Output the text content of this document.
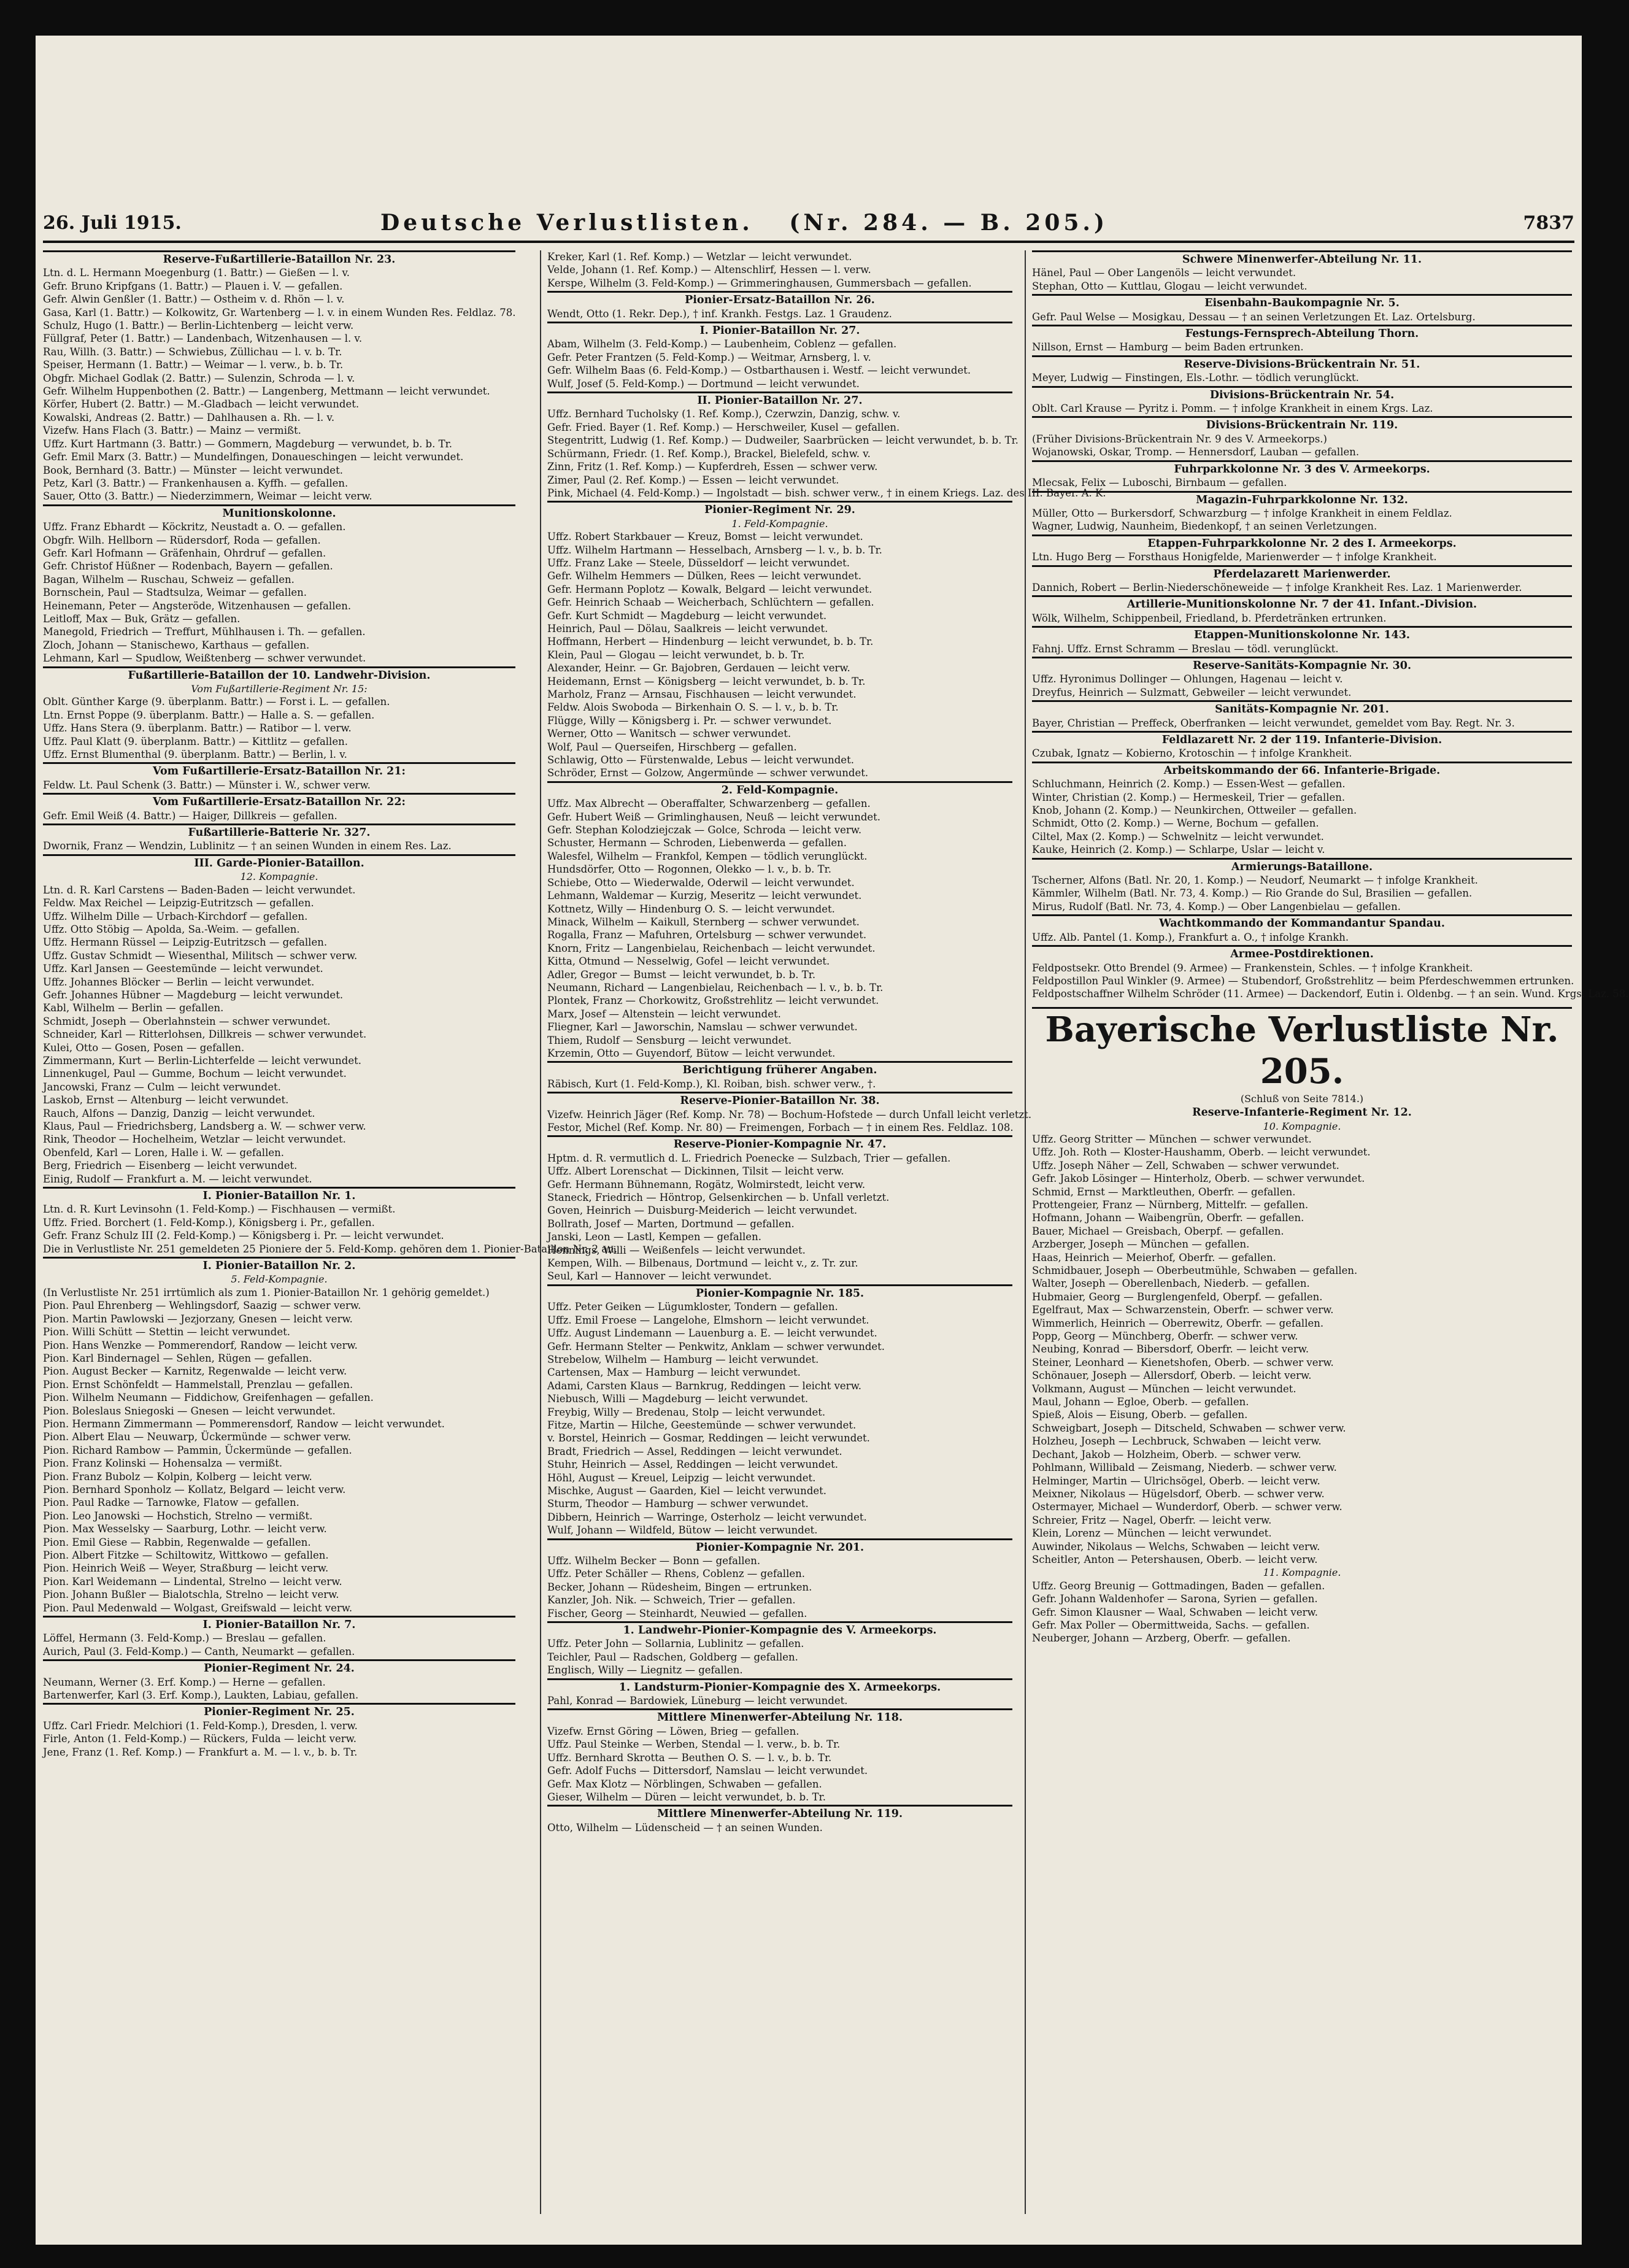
26. Juli 1915.	Deutsche Verlustlisten. (Nr. 284. — B. 205.)	7837
Reserve-Fußartillerie-Bataillon Nr. 23.
Ltn. d. L. Hermann Moegenburg (1. Battr.) — Gießen — l. v.
Gefr. Bruno Kripfgans (1. Battr.) — Plauen i. V. — gefallen.
Gefr. Alwin Genßler (1. Battr.) — Ostheim v. d. Rhön — l. v.
Gasa, Karl (1. Battr.) — Kolkowitz, Gr. Wartenberg — l. v. in einem Wunden Res. Feldlaz. 78.
Schulz, Hugo (1. Battr.) — Berlin-Lichtenberg — leicht verw.
Füllgraf, Peter (1. Battr.) — Landenbach, Witzenhausen — l. v.
Rau, Willh. (3. Battr.) — Schwiebus, Züllichau — l. v. b. Tr.
Speiser, Hermann (1. Battr.) — Weimar — l. verw., b. b. Tr.
Obgfr. Michael Godlak (2. Battr.) — Sulenzin, Schroda — l. v.
Gefr. Wilhelm Huppenbothen (2. Battr.) — Langenberg, Mettmann — leicht verwundet.
Körfer, Hubert (2. Battr.) — M.-Gladbach — leicht verwundet.
Kowalski, Andreas (2. Battr.) — Dahlhausen a. Rh. — l. v.
Vizefw. Hans Flach (3. Battr.) — Mainz — vermißt.
Uffz. Kurt Hartmann (3. Battr.) — Gommern, Magdeburg — verwundet, b. b. Tr.
Gefr. Emil Marx (3. Battr.) — Mundelfingen, Donaueschingen — leicht verwundet.
Book, Bernhard (3. Battr.) — Münster — leicht verwundet.
Petz, Karl (3. Battr.) — Frankenhausen a. Kyffh. — gefallen.
Sauer, Otto (3. Battr.) — Niederzimmern, Weimar — leicht verw.
Munitionskolonne.
Uffz. Franz Ebhardt — Köckritz, Neustadt a. O. — gefallen.
Obgfr. Wilh. Hellborn — Rüdersdorf, Roda — gefallen.
Gefr. Karl Hofmann — Gräfenhain, Ohrdruf — gefallen.
Gefr. Christof Hüßner — Rodenbach, Bayern — gefallen.
Bagan, Wilhelm — Ruschau, Schweiz — gefallen.
Bornschein, Paul — Stadtsulza, Weimar — gefallen.
Heinemann, Peter — Angsteröde, Witzenhausen — gefallen.
Leitloff, Max — Buk, Grätz — gefallen.
Manegold, Friedrich — Treffurt, Mühlhausen i. Th. — gefallen.
Zloch, Johann — Stanischewo, Karthaus — gefallen.
Lehmann, Karl — Spudlow, Weißtenberg — schwer verwundet.
Fußartillerie-Bataillon der 10. Landwehr-Division.
Vom Fußartillerie-Regiment Nr. 15:
Oblt. Günther Karge (9. überplanm. Battr.) — Forst i. L. — gefallen.
Ltn. Ernst Poppe (9. überplanm. Battr.) — Halle a. S. — gefallen.
Uffz. Hans Stera (9. überplanm. Battr.) — Ratibor — l. verw.
Uffz. Paul Klatt (9. überplanm. Battr.) — Kittlitz — gefallen.
Uffz. Ernst Blumenthal (9. überplanm. Battr.) — Berlin, l. v.
Vom Fußartillerie-Ersatz-Bataillon Nr. 21:
Feldw. Lt. Paul Schenk (3. Battr.) — Münster i. W., schwer verw.
Vom Fußartillerie-Ersatz-Bataillon Nr. 22:
Gefr. Emil Weiß (4. Battr.) — Haiger, Dillkreis — gefallen.
Fußartillerie-Batterie Nr. 327.
Dwornik, Franz — Wendzin, Lublinitz — † an seinen Wunden in einem Res. Laz.
III. Garde-Pionier-Bataillon.
12. Kompagnie.
Ltn. d. R. Karl Carstens — Baden-Baden — leicht verwundet.
Feldw. Max Reichel — Leipzig-Eutritzsch — gefallen.
Uffz. Wilhelm Dille — Urbach-Kirchdorf — gefallen.
Uffz. Otto Stöbig — Apolda, Sa.-Weim. — gefallen.
Uffz. Hermann Rüssel — Leipzig-Eutritzsch — gefallen.
Uffz. Gustav Schmidt — Wiesenthal, Militsch — schwer verw.
Uffz. Karl Jansen — Geestemünde — leicht verwundet.
Uffz. Johannes Blöcker — Berlin — leicht verwundet.
Gefr. Johannes Hübner — Magdeburg — leicht verwundet.
Kabl, Wilhelm — Berlin — gefallen.
Schmidt, Joseph — Oberlahnstein — schwer verwundet.
Schneider, Karl — Ritterlohsen, Dillkreis — schwer verwundet.
Kulei, Otto — Gosen, Posen — gefallen.
Zimmermann, Kurt — Berlin-Lichterfelde — leicht verwundet.
Linnenkugel, Paul — Gumme, Bochum — leicht verwundet.
Jancowski, Franz — Culm — leicht verwundet.
Laskob, Ernst — Altenburg — leicht verwundet.
Rauch, Alfons — Danzig, Danzig — leicht verwundet.
Klaus, Paul — Friedrichsberg, Landsberg a. W. — schwer verw.
Rink, Theodor — Hochelheim, Wetzlar — leicht verwundet.
Obenfeld, Karl — Loren, Halle i. W. — gefallen.
Berg, Friedrich — Eisenberg — leicht verwundet.
Einig, Rudolf — Frankfurt a. M. — leicht verwundet.
I. Pionier-Bataillon Nr. 1.
Ltn. d. R. Kurt Levinsohn (1. Feld-Komp.) — Fischhausen — vermißt.
Uffz. Fried. Borchert (1. Feld-Komp.), Königsberg i. Pr., gefallen.
Gefr. Franz Schulz III (2. Feld-Komp.) — Königsberg i. Pr. — leicht verwundet.
Die in Verlustliste Nr. 251 gemeldeten 25 Pioniere der 5. Feld-Komp. gehören dem 1. Pionier-Bataillon Nr. 2 an.
I. Pionier-Bataillon Nr. 2.
5. Feld-Kompagnie.
(In Verlustliste Nr. 251 irrtümlich als zum 1. Pionier-Bataillon Nr. 1 gehörig gemeldet.)
Pion. Paul Ehrenberg — Wehlingsdorf, Saazig — schwer verw.
Pion. Martin Pawlowski — Jezjorzany, Gnesen — leicht verw.
Pion. Willi Schütt — Stettin — leicht verwundet.
Pion. Hans Wenzke — Pommerendorf, Randow — leicht verw.
Pion. Karl Bindernagel — Sehlen, Rügen — gefallen.
Pion. August Becker — Karnitz, Regenwalde — leicht verw.
Pion. Ernst Schönfeldt — Hammelstall, Prenzlau — gefallen.
Pion. Wilhelm Neumann — Fiddichow, Greifenhagen — gefallen.
Pion. Boleslaus Sniegoski — Gnesen — leicht verwundet.
Pion. Hermann Zimmermann — Pommerensdorf, Randow — leicht verwundet.
Pion. Albert Elau — Neuwarp, Ückermünde — schwer verw.
Pion. Richard Rambow — Pammin, Ückermünde — gefallen.
Pion. Franz Kolinski — Hohensalza — vermißt.
Pion. Franz Bubolz — Kolpin, Kolberg — leicht verw.
Pion. Bernhard Sponholz — Kollatz, Belgard — leicht verw.
Pion. Paul Radke — Tarnowke, Flatow — gefallen.
Pion. Leo Janowski — Hochstich, Strelno — vermißt.
Pion. Max Wesselsky — Saarburg, Lothr. — leicht verw.
Pion. Emil Giese — Rabbin, Regenwalde — gefallen.
Pion. Albert Fitzke — Schiltowitz, Wittkowo — gefallen.
Pion. Heinrich Weiß — Weyer, Straßburg — leicht verw.
Pion. Karl Weidemann — Lindental, Strelno — leicht verw.
Pion. Johann Bußler — Bialotschla, Strelno — leicht verw.
Pion. Paul Medenwald — Wolgast, Greifswald — leicht verw.
I. Pionier-Bataillon Nr. 7.
Löffel, Hermann (3. Feld-Komp.) — Breslau — gefallen.
Aurich, Paul (3. Feld-Komp.) — Canth, Neumarkt — gefallen.
Pionier-Regiment Nr. 24.
Neumann, Werner (3. Erf. Komp.) — Herne — gefallen.
Bartenwerfer, Karl (3. Erf. Komp.), Laukten, Labiau, gefallen.
Pionier-Regiment Nr. 25.
Uffz. Carl Friedr. Melchiori (1. Feld-Komp.), Dresden, l. verw.
Firle, Anton (1. Feld-Komp.) — Rückers, Fulda — leicht verw.
Jene, Franz (1. Ref. Komp.) — Frankfurt a. M. — l. v., b. b. Tr.
Kreker, Karl (1. Ref. Komp.) — Wetzlar — leicht verwundet.
Velde, Johann (1. Ref. Komp.) — Altenschlirf, Hessen — l. verw.
Kerspe, Wilhelm (3. Feld-Komp.) — Grimmeringhausen, Gummersbach — gefallen.
Pionier-Ersatz-Bataillon Nr. 26.
Wendt, Otto (1. Rekr. Dep.), † inf. Krankh. Festgs. Laz. 1 Graudenz.
I. Pionier-Bataillon Nr. 27.
Abam, Wilhelm (3. Feld-Komp.) — Laubenheim, Coblenz — gefallen.
Gefr. Peter Frantzen (5. Feld-Komp.) — Weitmar, Arnsberg, l. v.
Gefr. Wilhelm Baas (6. Feld-Komp.) — Ostbarthausen i. Westf. — leicht verwundet.
Wulf, Josef (5. Feld-Komp.) — Dortmund — leicht verwundet.
II. Pionier-Bataillon Nr. 27.
Uffz. Bernhard Tucholsky (1. Ref. Komp.), Czerwzin, Danzig, schw. v.
Gefr. Fried. Bayer (1. Ref. Komp.) — Herschweiler, Kusel — gefallen.
Stegentritt, Ludwig (1. Ref. Komp.) — Dudweiler, Saarbrücken — leicht verwundet, b. b. Tr.
Schürmann, Friedr. (1. Ref. Komp.), Brackel, Bielefeld, schw. v.
Zinn, Fritz (1. Ref. Komp.) — Kupferdreh, Essen — schwer verw.
Zimer, Paul (2. Ref. Komp.) — Essen — leicht verwundet.
Pink, Michael (4. Feld-Komp.) — Ingolstadt — bish. schwer verw., † in einem Kriegs. Laz. des III. Bayer. A. K.
Pionier-Regiment Nr. 29.
1. Feld-Kompagnie.
Uffz. Robert Starkbauer — Kreuz, Bomst — leicht verwundet.
Uffz. Wilhelm Hartmann — Hesselbach, Arnsberg — l. v., b. b. Tr.
Uffz. Franz Lake — Steele, Düsseldorf — leicht verwundet.
Gefr. Wilhelm Hemmers — Dülken, Rees — leicht verwundet.
Gefr. Hermann Poplotz — Kowalk, Belgard — leicht verwundet.
Gefr. Heinrich Schaab — Weicherbach, Schlüchtern — gefallen.
Gefr. Kurt Schmidt — Magdeburg — leicht verwundet.
Heinrich, Paul — Dölau, Saalkreis — leicht verwundet.
Hoffmann, Herbert — Hindenburg — leicht verwundet, b. b. Tr.
Klein, Paul — Glogau — leicht verwundet, b. b. Tr.
Alexander, Heinr. — Gr. Bajobren, Gerdauen — leicht verw.
Heidemann, Ernst — Königsberg — leicht verwundet, b. b. Tr.
Marholz, Franz — Arnsau, Fischhausen — leicht verwundet.
Feldw. Alois Swoboda — Birkenhain O. S. — l. v., b. b. Tr.
Flügge, Willy — Königsberg i. Pr. — schwer verwundet.
Werner, Otto — Wanitsch — schwer verwundet.
Wolf, Paul — Querseifen, Hirschberg — gefallen.
Schlawig, Otto — Fürstenwalde, Lebus — leicht verwundet.
Schröder, Ernst — Golzow, Angermünde — schwer verwundet.
2. Feld-Kompagnie.
Uffz. Max Albrecht — Oberaffalter, Schwarzenberg — gefallen.
Gefr. Hubert Weiß — Grimlinghausen, Neuß — leicht verwundet.
Gefr. Stephan Kolodziejczak — Golce, Schroda — leicht verw.
Schuster, Hermann — Schroden, Liebenwerda — gefallen.
Walesfel, Wilhelm — Frankfol, Kempen — tödlich verunglückt.
Hundsdörfer, Otto — Rogonnen, Olekko — l. v., b. b. Tr.
Schiebe, Otto — Wiederwalde, Oderwil — leicht verwundet.
Lehmann, Waldemar — Kurzig, Meseritz — leicht verwundet.
Kottnetz, Willy — Hindenburg O. S. — leicht verwundet.
Minack, Wilhelm — Kaikull, Sternberg — schwer verwundet.
Rogalla, Franz — Mafuhren, Ortelsburg — schwer verwundet.
Knorn, Fritz — Langenbielau, Reichenbach — leicht verwundet.
Kitta, Otmund — Nesselwig, Gofel — leicht verwundet.
Adler, Gregor — Bumst — leicht verwundet, b. b. Tr.
Neumann, Richard — Langenbielau, Reichenbach — l. v., b. b. Tr.
Plontek, Franz — Chorkowitz, Großstrehlitz — leicht verwundet.
Marx, Josef — Altenstein — leicht verwundet.
Fliegner, Karl — Jaworschin, Namslau — schwer verwundet.
Thiem, Rudolf — Sensburg — leicht verwundet.
Krzemin, Otto — Guyendorf, Bütow — leicht verwundet.
Berichtigung früherer Angaben.
Räbisch, Kurt (1. Feld-Komp.), Kl. Roiban, bish. schwer verw., †.
Reserve-Pionier-Bataillon Nr. 38.
Vizefw. Heinrich Jäger (Ref. Komp. Nr. 78) — Bochum-Hofstede — durch Unfall leicht verletzt.
Festor, Michel (Ref. Komp. Nr. 80) — Freimengen, Forbach — † in einem Res. Feldlaz. 108.
Reserve-Pionier-Kompagnie Nr. 47.
Hptm. d. R. vermutlich d. L. Friedrich Poenecke — Sulzbach, Trier — gefallen.
Uffz. Albert Lorenschat — Dickinnen, Tilsit — leicht verw.
Gefr. Hermann Bühnemann, Rogätz, Wolmirstedt, leicht verw.
Staneck, Friedrich — Höntrop, Gelsenkirchen — b. Unfall verletzt.
Goven, Heinrich — Duisburg-Meiderich — leicht verwundet.
Bollrath, Josef — Marten, Dortmund — gefallen.
Janski, Leon — Lastl, Kempen — gefallen.
Hennings, Willi — Weißenfels — leicht verwundet.
Kempen, Wilh. — Bilbenaus, Dortmund — leicht v., z. Tr. zur.
Seul, Karl — Hannover — leicht verwundet.
Pionier-Kompagnie Nr. 185.
Uffz. Peter Geiken — Lügumkloster, Tondern — gefallen.
Uffz. Emil Froese — Langelohe, Elmshorn — leicht verwundet.
Uffz. August Lindemann — Lauenburg a. E. — leicht verwundet.
Gefr. Hermann Stelter — Penkwitz, Anklam — schwer verwundet.
Strebelow, Wilhelm — Hamburg — leicht verwundet.
Cartensen, Max — Hamburg — leicht verwundet.
Adami, Carsten Klaus — Barnkrug, Reddingen — leicht verw.
Niebusch, Willi — Magdeburg — leicht verwundet.
Freybig, Willy — Bredenau, Stolp — leicht verwundet.
Fitze, Martin — Hilche, Geestemünde — schwer verwundet.
v. Borstel, Heinrich — Gosmar, Reddingen — leicht verwundet.
Bradt, Friedrich — Assel, Reddingen — leicht verwundet.
Stuhr, Heinrich — Assel, Reddingen — leicht verwundet.
Höhl, August — Kreuel, Leipzig — leicht verwundet.
Mischke, August — Gaarden, Kiel — leicht verwundet.
Sturm, Theodor — Hamburg — schwer verwundet.
Dibbern, Heinrich — Warringe, Osterholz — leicht verwundet.
Wulf, Johann — Wildfeld, Bütow — leicht verwundet.
Pionier-Kompagnie Nr. 201.
Uffz. Wilhelm Becker — Bonn — gefallen.
Uffz. Peter Schäller — Rhens, Coblenz — gefallen.
Becker, Johann — Rüdesheim, Bingen — ertrunken.
Kanzler, Joh. Nik. — Schweich, Trier — gefallen.
Fischer, Georg — Steinhardt, Neuwied — gefallen.
1. Landwehr-Pionier-Kompagnie des V. Armeekorps.
Uffz. Peter John — Sollarnia, Lublinitz — gefallen.
Teichler, Paul — Radschen, Goldberg — gefallen.
Englisch, Willy — Liegnitz — gefallen.
1. Landsturm-Pionier-Kompagnie des X. Armeekorps.
Pahl, Konrad — Bardowiek, Lüneburg — leicht verwundet.
Mittlere Minenwerfer-Abteilung Nr. 118.
Vizefw. Ernst Göring — Löwen, Brieg — gefallen.
Uffz. Paul Steinke — Werben, Stendal — l. verw., b. b. Tr.
Uffz. Bernhard Skrotta — Beuthen O. S. — l. v., b. b. Tr.
Gefr. Adolf Fuchs — Dittersdorf, Namslau — leicht verwundet.
Gefr. Max Klotz — Nörblingen, Schwaben — gefallen.
Gieser, Wilhelm — Düren — leicht verwundet, b. b. Tr.
Mittlere Minenwerfer-Abteilung Nr. 119.
Otto, Wilhelm — Lüdenscheid — † an seinen Wunden.
Schwere Minenwerfer-Abteilung Nr. 11.
Hänel, Paul — Ober Langenöls — leicht verwundet.
Stephan, Otto — Kuttlau, Glogau — leicht verwundet.
Eisenbahn-Baukompagnie Nr. 5.
Gefr. Paul Welse — Mosigkau, Dessau — † an seinen Verletzungen Et. Laz. Ortelsburg.
Festungs-Fernsprech-Abteilung Thorn.
Nillson, Ernst — Hamburg — beim Baden ertrunken.
Reserve-Divisions-Brückentrain Nr. 51.
Meyer, Ludwig — Finstingen, Els.-Lothr. — tödlich verunglückt.
Divisions-Brückentrain Nr. 54.
Oblt. Carl Krause — Pyritz i. Pomm. — † infolge Krankheit in einem Krgs. Laz.
Divisions-Brückentrain Nr. 119.
(Früher Divisions-Brückentrain Nr. 9 des V. Armeekorps.)
Wojanowski, Oskar, Tromp. — Hennersdorf, Lauban — gefallen.
Fuhrparkkolonne Nr. 3 des V. Armeekorps.
Mlecsak, Felix — Luboschi, Birnbaum — gefallen.
Magazin-Fuhrparkkolonne Nr. 132.
Müller, Otto — Burkersdorf, Schwarzburg — † infolge Krankheit in einem Feldlaz.
Wagner, Ludwig, Naunheim, Biedenkopf, † an seinen Verletzungen.
Etappen-Fuhrparkkolonne Nr. 2 des I. Armeekorps.
Ltn. Hugo Berg — Forsthaus Honigfelde, Marienwerder — † infolge Krankheit.
Pferdelazarett Marienwerder.
Dannich, Robert — Berlin-Niederschöneweide — † infolge Krankheit Res. Laz. 1 Marienwerder.
Artillerie-Munitionskolonne Nr. 7 der 41. Infant.-Division.
Wölk, Wilhelm, Schippenbeil, Friedland, b. Pferdetränken ertrunken.
Etappen-Munitionskolonne Nr. 143.
Fahnj. Uffz. Ernst Schramm — Breslau — tödl. verunglückt.
Reserve-Sanitäts-Kompagnie Nr. 30.
Uffz. Hyronimus Dollinger — Ohlungen, Hagenau — leicht v.
Dreyfus, Heinrich — Sulzmatt, Gebweiler — leicht verwundet.
Sanitäts-Kompagnie Nr. 201.
Bayer, Christian — Preffeck, Oberfranken — leicht verwundet, gemeldet vom Bay. Regt. Nr. 3.
Feldlazarett Nr. 2 der 119. Infanterie-Division.
Czubak, Ignatz — Kobierno, Krotoschin — † infolge Krankheit.
Arbeitskommando der 66. Infanterie-Brigade.
Schluchmann, Heinrich (2. Komp.) — Essen-West — gefallen.
Winter, Christian (2. Komp.) — Hermeskeil, Trier — gefallen.
Knob, Johann (2. Komp.) — Neunkirchen, Ottweiler — gefallen.
Schmidt, Otto (2. Komp.) — Werne, Bochum — gefallen.
Ciltel, Max (2. Komp.) — Schwelnitz — leicht verwundet.
Kauke, Heinrich (2. Komp.) — Schlarpe, Uslar — leicht v.
Armierungs-Bataillone.
Tscherner, Alfons (Batl. Nr. 20, 1. Komp.) — Neudorf, Neumarkt — † infolge Krankheit.
Kämmler, Wilhelm (Batl. Nr. 73, 4. Komp.) — Rio Grande do Sul, Brasilien — gefallen.
Mirus, Rudolf (Batl. Nr. 73, 4. Komp.) — Ober Langenbielau — gefallen.
Wachtkommando der Kommandantur Spandau.
Uffz. Alb. Pantel (1. Komp.), Frankfurt a. O., † infolge Krankh.
Armee-Postdirektionen.
Feldpostsekr. Otto Brendel (9. Armee) — Frankenstein, Schles. — † infolge Krankheit.
Feldpostillon Paul Winkler (9. Armee) — Stubendorf, Großstrehlitz — beim Pferdeschwemmen ertrunken.
Feldpostschaffner Wilhelm Schröder (11. Armee) — Dackendorf, Eutin i. Oldenbg. — † an sein. Wund. Krgs. Laz. 58.
Bayerische Verlustliste Nr. 205.
(Schluß von Seite 7814.)
Reserve-Infanterie-Regiment Nr. 12.
10. Kompagnie.
Uffz. Georg Stritter — München — schwer verwundet.
Uffz. Joh. Roth — Kloster-Haushamm, Oberb. — leicht verwundet.
Uffz. Joseph Näher — Zell, Schwaben — schwer verwundet.
Gefr. Jakob Lösinger — Hinterholz, Oberb. — schwer verwundet.
Schmid, Ernst — Marktleuthen, Oberfr. — gefallen.
Prottengeier, Franz — Nürnberg, Mittelfr. — gefallen.
Hofmann, Johann — Waibengrün, Oberfr. — gefallen.
Bauer, Michael — Greisbach, Oberpf. — gefallen.
Arzberger, Joseph — München — gefallen.
Haas, Heinrich — Meierhof, Oberfr. — gefallen.
Schmidbauer, Joseph — Oberbeutmühle, Schwaben — gefallen.
Walter, Joseph — Oberellenbach, Niederb. — gefallen.
Hubmaier, Georg — Burglengenfeld, Oberpf. — gefallen.
Egelfraut, Max — Schwarzenstein, Oberfr. — schwer verw.
Wimmerlich, Heinrich — Oberrewitz, Oberfr. — gefallen.
Popp, Georg — Münchberg, Oberfr. — schwer verw.
Neubing, Konrad — Bibersdorf, Oberfr. — leicht verw.
Steiner, Leonhard — Kienetshofen, Oberb. — schwer verw.
Schönauer, Joseph — Allersdorf, Oberb. — leicht verw.
Volkmann, August — München — leicht verwundet.
Maul, Johann — Egloe, Oberb. — gefallen.
Spieß, Alois — Eisung, Oberb. — gefallen.
Schweigbart, Joseph — Ditscheld, Schwaben — schwer verw.
Holzheu, Joseph — Lechbruck, Schwaben — leicht verw.
Dechant, Jakob — Holzheim, Oberb. — schwer verw.
Pohlmann, Willibald — Zeismang, Niederb. — schwer verw.
Helminger, Martin — Ulrichsögel, Oberb. — leicht verw.
Meixner, Nikolaus — Hügelsdorf, Oberb. — schwer verw.
Ostermayer, Michael — Wunderdorf, Oberb. — schwer verw.
Schreier, Fritz — Nagel, Oberfr. — leicht verw.
Klein, Lorenz — München — leicht verwundet.
Auwinder, Nikolaus — Welchs, Schwaben — leicht verw.
Scheitler, Anton — Petershausen, Oberb. — leicht verw.
11. Kompagnie.
Uffz. Georg Breunig — Gottmadingen, Baden — gefallen.
Gefr. Johann Waldenhofer — Sarona, Syrien — gefallen.
Gefr. Simon Klausner — Waal, Schwaben — leicht verw.
Gefr. Max Poller — Obermittweida, Sachs. — gefallen.
Neuberger, Johann — Arzberg, Oberfr. — gefallen.
